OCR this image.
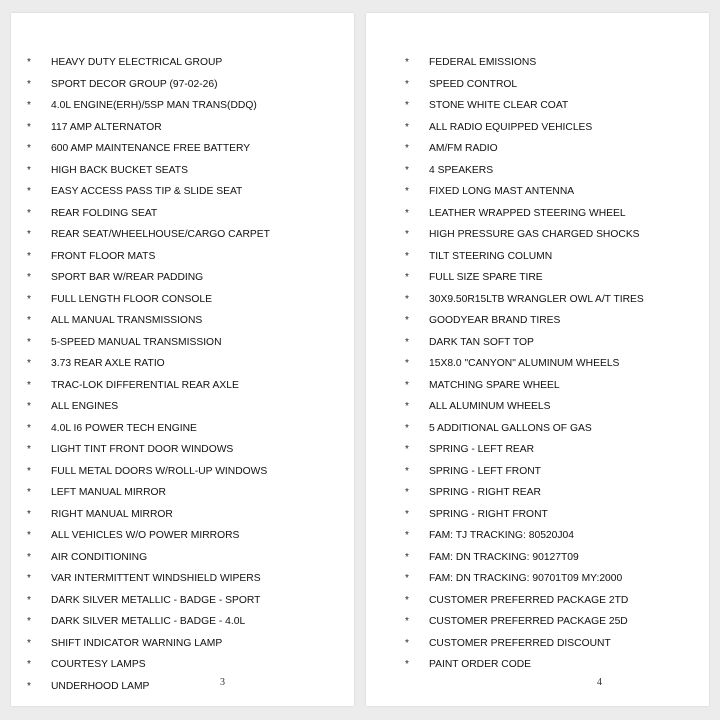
* HEAVY DUTY ELECTRICAL GROUP
* SPORT DECOR GROUP (97-02-26)
* 4.0L ENGINE(ERH)/5SP MAN TRANS(DDQ)
* 117 AMP ALTERNATOR
* 600 AMP MAINTENANCE FREE BATTERY
* HIGH BACK BUCKET SEATS
* EASY ACCESS PASS TIP & SLIDE SEAT
* REAR FOLDING SEAT
* REAR SEAT/WHEELHOUSE/CARGO CARPET
* FRONT FLOOR MATS
* SPORT BAR W/REAR PADDING
* FULL LENGTH FLOOR CONSOLE
* ALL MANUAL TRANSMISSIONS
* 5-SPEED MANUAL TRANSMISSION
* 3.73 REAR AXLE RATIO
* TRAC-LOK DIFFERENTIAL REAR AXLE
* ALL ENGINES
* 4.0L I6 POWER TECH ENGINE
* LIGHT TINT FRONT DOOR WINDOWS
* FULL METAL DOORS W/ROLL-UP WINDOWS
* LEFT MANUAL MIRROR
* RIGHT MANUAL MIRROR
* ALL VEHICLES W/O POWER MIRRORS
* AIR CONDITIONING
* VAR INTERMITTENT WINDSHIELD WIPERS
* DARK SILVER METALLIC - BADGE - SPORT
* DARK SILVER METALLIC - BADGE - 4.0L
* SHIFT INDICATOR WARNING LAMP
* COURTESY LAMPS
* UNDERHOOD LAMP	3
* FEDERAL EMISSIONS
* SPEED CONTROL
* STONE WHITE CLEAR COAT
* ALL RADIO EQUIPPED VEHICLES
* AM/FM RADIO
* 4 SPEAKERS
* FIXED LONG MAST ANTENNA
* LEATHER WRAPPED STEERING WHEEL
* HIGH PRESSURE GAS CHARGED SHOCKS
* TILT STEERING COLUMN
* FULL SIZE SPARE TIRE
* 30X9.50R15LTB WRANGLER OWL A/T TIRES
* GOODYEAR BRAND TIRES
* DARK TAN SOFT TOP
* 15X8.0 "CANYON" ALUMINUM WHEELS
* MATCHING SPARE WHEEL
* ALL ALUMINUM WHEELS
* 5 ADDITIONAL GALLONS OF GAS
* SPRING - LEFT REAR
* SPRING - LEFT FRONT
* SPRING - RIGHT REAR
* SPRING - RIGHT FRONT
* FAM: TJ TRACKING: 80520J04
* FAM: DN TRACKING: 90127T09
* FAM: DN TRACKING: 90701T09 MY:2000
* CUSTOMER PREFERRED PACKAGE 2TD
* CUSTOMER PREFERRED PACKAGE 25D
* CUSTOMER PREFERRED DISCOUNT
* PAINT ORDER CODE
4
